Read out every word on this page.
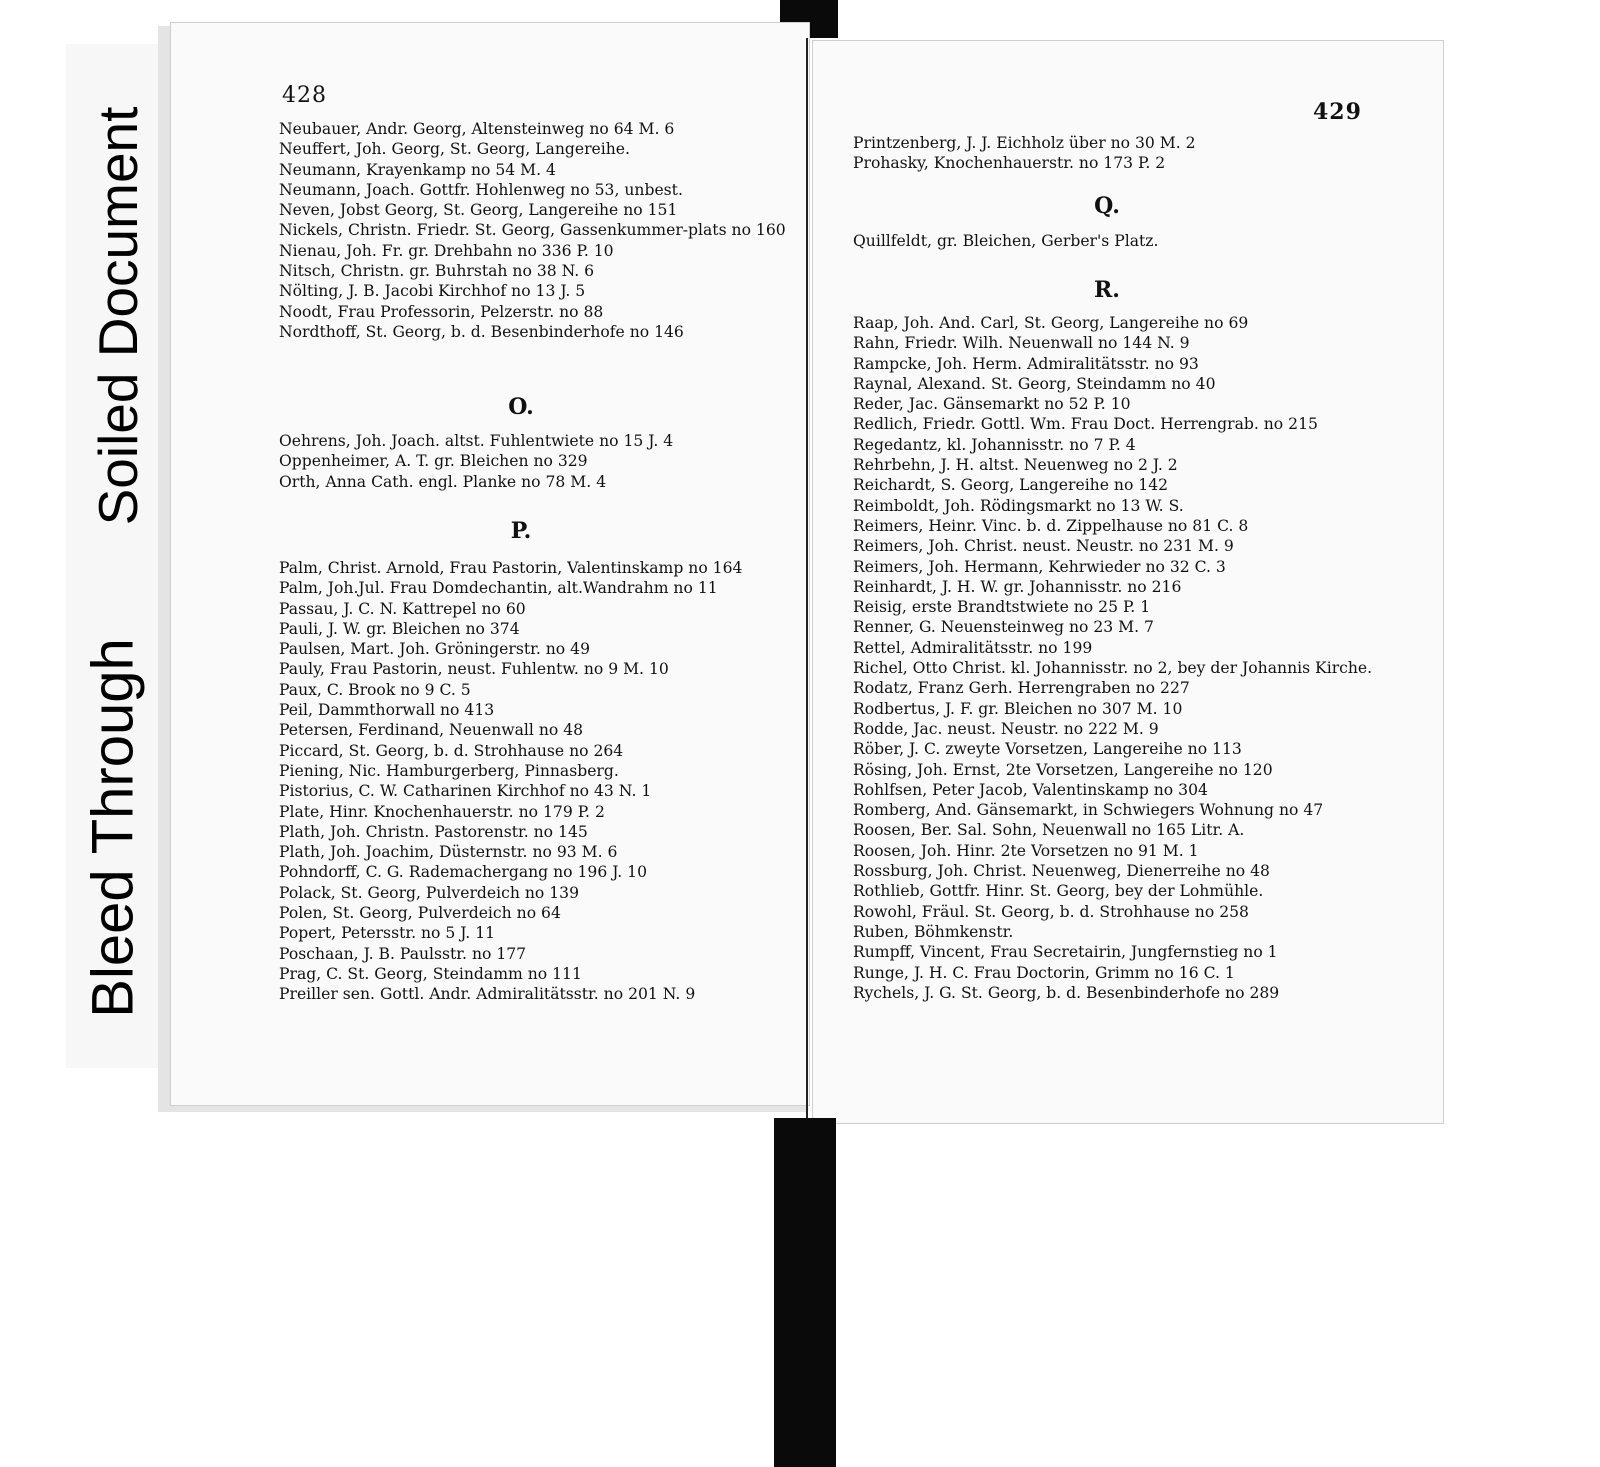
Soiled Document
Bleed Through
428
Neubauer, Andr. Georg, Altensteinweg no 64 M. 6
Neuffert, Joh. Georg, St. Georg, Langereihe.
Neumann, Krayenkamp no 54 M. 4
Neumann, Joach. Gottfr. Hohlenweg no 53, unbest.
Neven, Jobst Georg, St. Georg, Langereihe no 151
Nickels, Christn. Friedr. St. Georg, Gassenkummer-plats no 160
Nienau, Joh. Fr. gr. Drehbahn no 336 P. 10
Nitsch, Christn. gr. Buhrstah no 38 N. 6
Nölting, J. B. Jacobi Kirchhof no 13 J. 5
Noodt, Frau Professorin, Pelzerstr. no 88
Nordthoff, St. Georg, b. d. Besenbinderhofe no 146
O.
Oehrens, Joh. Joach. altst. Fuhlentwiete no 15 J. 4
Oppenheimer, A. T. gr. Bleichen no 329
Orth, Anna Cath. engl. Planke no 78 M. 4
P.
Palm, Christ. Arnold, Frau Pastorin, Valentinskamp no 164
Palm, Joh.Jul. Frau Domdechantin, alt.Wandrahm no 11
Passau, J. C. N. Kattrepel no 60
Pauli, J. W. gr. Bleichen no 374
Paulsen, Mart. Joh. Gröningerstr. no 49
Pauly, Frau Pastorin, neust. Fuhlentw. no 9 M. 10
Paux, C. Brook no 9 C. 5
Peil, Dammthorwall no 413
Petersen, Ferdinand, Neuenwall no 48
Piccard, St. Georg, b. d. Strohhause no 264
Piening, Nic. Hamburgerberg, Pinnasberg.
Pistorius, C. W. Catharinen Kirchhof no 43 N. 1
Plate, Hinr. Knochenhauerstr. no 179 P. 2
Plath, Joh. Christn. Pastorenstr. no 145
Plath, Joh. Joachim, Düsternstr. no 93 M. 6
Pohndorff, C. G. Rademachergang no 196 J. 10
Polack, St. Georg, Pulverdeich no 139
Polen, St. Georg, Pulverdeich no 64
Popert, Petersstr. no 5 J. 11
Poschaan, J. B. Paulsstr. no 177
Prag, C. St. Georg, Steindamm no 111
Preiller sen. Gottl. Andr. Admiralitätsstr. no 201 N. 9
429
Printzenberg, J. J. Eichholz über no 30 M. 2
Prohasky, Knochenhauerstr. no 173 P. 2
Q.
Quillfeldt, gr. Bleichen, Gerber's Platz.
R.
Raap, Joh. And. Carl, St. Georg, Langereihe no 69
Rahn, Friedr. Wilh. Neuenwall no 144 N. 9
Rampcke, Joh. Herm. Admiralitätsstr. no 93
Raynal, Alexand. St. Georg, Steindamm no 40
Reder, Jac. Gänsemarkt no 52 P. 10
Redlich, Friedr. Gottl. Wm. Frau Doct. Herrengrab. no 215
Regedantz, kl. Johannisstr. no 7 P. 4
Rehrbehn, J. H. altst. Neuenweg no 2 J. 2
Reichardt, S. Georg, Langereihe no 142
Reimboldt, Joh. Rödingsmarkt no 13 W. S.
Reimers, Heinr. Vinc. b. d. Zippelhause no 81 C. 8
Reimers, Joh. Christ. neust. Neustr. no 231 M. 9
Reimers, Joh. Hermann, Kehrwieder no 32 C. 3
Reinhardt, J. H. W. gr. Johannisstr. no 216
Reisig, erste Brandtstwiete no 25 P. 1
Renner, G. Neuensteinweg no 23 M. 7
Rettel, Admiralitätsstr. no 199
Richel, Otto Christ. kl. Johannisstr. no 2, bey der Johannis Kirche.
Rodatz, Franz Gerh. Herrengraben no 227
Rodbertus, J. F. gr. Bleichen no 307 M. 10
Rodde, Jac. neust. Neustr. no 222 M. 9
Röber, J. C. zweyte Vorsetzen, Langereihe no 113
Rösing, Joh. Ernst, 2te Vorsetzen, Langereihe no 120
Rohlfsen, Peter Jacob, Valentinskamp no 304
Romberg, And. Gänsemarkt, in Schwiegers Wohnung no 47
Roosen, Ber. Sal. Sohn, Neuenwall no 165 Litr. A.
Roosen, Joh. Hinr. 2te Vorsetzen no 91 M. 1
Rossburg, Joh. Christ. Neuenweg, Dienerreihe no 48
Rothlieb, Gottfr. Hinr. St. Georg, bey der Lohmühle.
Rowohl, Fräul. St. Georg, b. d. Strohhause no 258
Ruben, Böhmkenstr.
Rumpff, Vincent, Frau Secretairin, Jungfernstieg no 1
Runge, J. H. C. Frau Doctorin, Grimm no 16 C. 1
Rychels, J. G. St. Georg, b. d. Besenbinderhofe no 289
